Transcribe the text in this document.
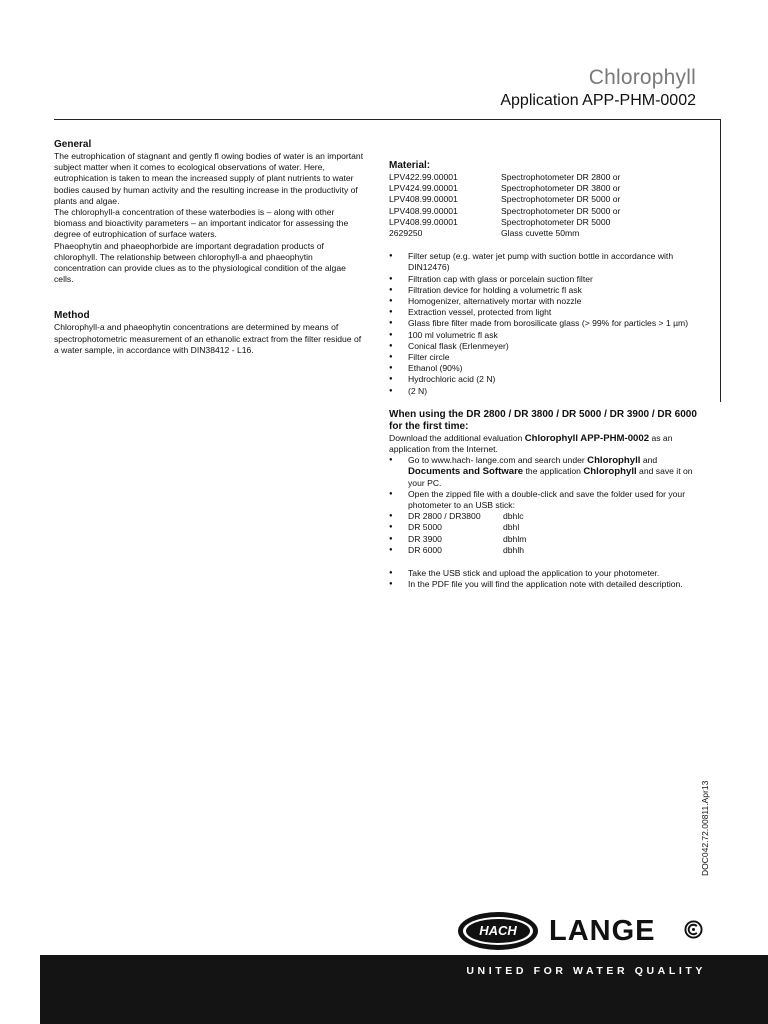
Chlorophyll
Application APP-PHM-0002
General

The eutrophication of stagnant and gently fl owing bodies of water is an important subject matter when it comes to ecological observations of water. Here, eutrophication is taken to mean the increased supply of plant nutrients to water bodies caused by human activity and the resulting increase in the productivity of plants and algae.

The chlorophyll-a concentration of these waterbodies is – along with other biomass and bioactivity parameters – an important indicator for assessing the degree of eutrophication of surface waters.

Phaeophytin and phaeophorbide are important degradation products of chlorophyll. The relationship between chlorophyll-a and phaeophytin concentration can provide clues as to the physiological condition of the algae cells.

Method

Chlorophyll-a and phaeophytin concentrations are determined by means of spectrophotometric measurement of an ethanolic extract from the filter residue of a water sample, in accordance with DIN38412 - L16.

Material:
LPV422.99.00001	Spectrophotometer DR 2800 or
LPV424.99.00001	Spectrophotometer DR 3800 or
LPV408.99.00001	Spectrophotometer DR 5000 or
LPV408.99.00001	Spectrophotometer DR 5000 or
LPV408.99.00001	Spectrophotometer DR 5000
2629250	Glass cuvette 50mm
● Filter setup (e.g. water jet pump with suction bottle in accordance with DIN12476)
● Filtration cap with glass or porcelain suction filter
● Filtration device for holding a volumetric fl ask
● Homogenizer, alternatively mortar with nozzle
● Extraction vessel, protected from light
● Glass fibre filter made from borosilicate glass (> 99% for particles > 1 µm)
● 100 ml volumetric fl ask
● Conical flask (Erlenmeyer)
● Filter circle
● Ethanol (90%)
● Hydrochloric acid (2 N)
● (2 N)
When using the DR 2800 / DR 3800 / DR 5000 / DR 3900 / DR 6000 for the first time:
Download the additional evaluation Chlorophyll APP-PHM-0002 as an application from the Internet.
● Go to www.hach- lange.com and search under Chlorophyll and Documents and Software the application Chlorophyll and save it on your PC.
● Open the zipped file with a double-click and save the folder used for your photometer to an USB stick:
● DR 2800 / DR3800	dbhlc
● DR 5000	dbhl
● DR 3900	dbhlm
● DR 6000	dbhlh
● Take the USB stick and upload the application to your photometer.
● In the PDF file you will find the application note with detailed description.
DOC042.72.00811.Apr13
HACH	LANGE
UNITED FOR WATER QUALITY
